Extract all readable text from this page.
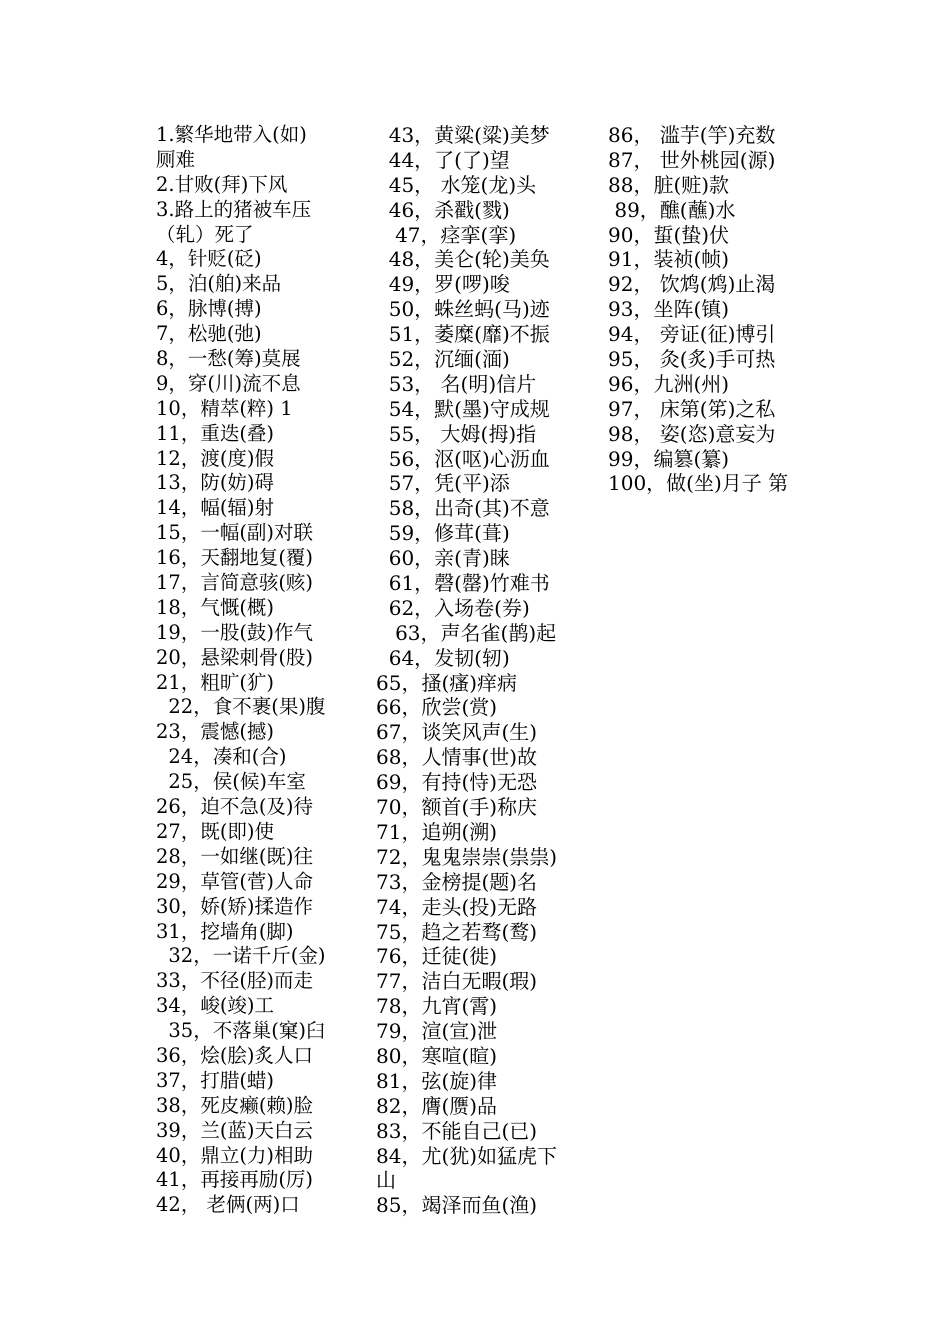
1.繁华地带入(如)
厕难
2.甘败(拜)下风
3.路上的猪被车压
（轧）死了
4，针贬(砭)
5，泊(舶)来品
6，脉博(搏)
7，松驰(弛)
8，一愁(筹)莫展
9，穿(川)流不息
10，精萃(粹) 1
11，重迭(叠)
12，渡(度)假
13，防(妨)碍
14，幅(辐)射
15，一幅(副)对联
16，天翻地复(覆)
17，言简意骇(赅)
18，气慨(概)
19，一股(鼓)作气
20，悬梁刺骨(股)
21，粗旷(犷)
22，食不裹(果)腹
23，震憾(撼)
24，凑和(合)
25，侯(候)车室
26，迫不急(及)待
27，既(即)使
28，一如继(既)往
29，草管(菅)人命
30，娇(矫)揉造作
31，挖墙角(脚)
32，一诺千斤(金)
33，不径(胫)而走
34，峻(竣)工
35，不落巢(窠)臼
36，烩(脍)炙人口
37，打腊(蜡)
38，死皮癞(赖)脸
39，兰(蓝)天白云
40，鼎立(力)相助
41，再接再励(厉)
42， 老俩(两)口
43，黄粱(粱)美梦
44，了(了)望
45， 水笼(龙)头
46，杀戳(戮)
47，痉挛(挛)
48，美仑(轮)美奂
49，罗(啰)唆
50，蛛丝蚂(马)迹
51，萎糜(靡)不振
52，沉缅(湎)
53， 名(明)信片
54，默(墨)守成规
55， 大姆(拇)指
56，沤(呕)心沥血
57，凭(平)添
58，出奇(其)不意
59，修茸(葺)
60，亲(青)睐
61，磬(罄)竹难书
62，入场卷(券)
63，声名雀(鹊)起
64，发韧(轫)
65，搔(瘙)痒病
66，欣尝(赏)
67，谈笑风声(生)
68，人情事(世)故
69，有持(恃)无恐
70，额首(手)称庆
71，追朔(溯)
72，鬼鬼崇崇(祟祟)
73，金榜提(题)名
74，走头(投)无路
75，趋之若骛(鹜)
76，迁徒(徙)
77，洁白无暇(瑕)
78，九宵(霄)
79，渲(宣)泄
80，寒喧(暄)
81，弦(旋)律
82，膺(赝)品
83，不能自己(已)
84，尤(犹)如猛虎下
山
85，竭泽而鱼(渔)
86， 滥芋(竽)充数
87， 世外桃园(源)
88，脏(赃)款
89，醮(蘸)水
90，蜇(蛰)伏
91，装祯(帧)
92， 饮鸩(鸩)止渴
93，坐阵(镇)
94， 旁证(征)博引
95， 灸(炙)手可热
96，九洲(州)
97， 床第(笫)之私
98， 姿(恣)意妄为
99，编篡(纂)
100，做(坐)月子 第
